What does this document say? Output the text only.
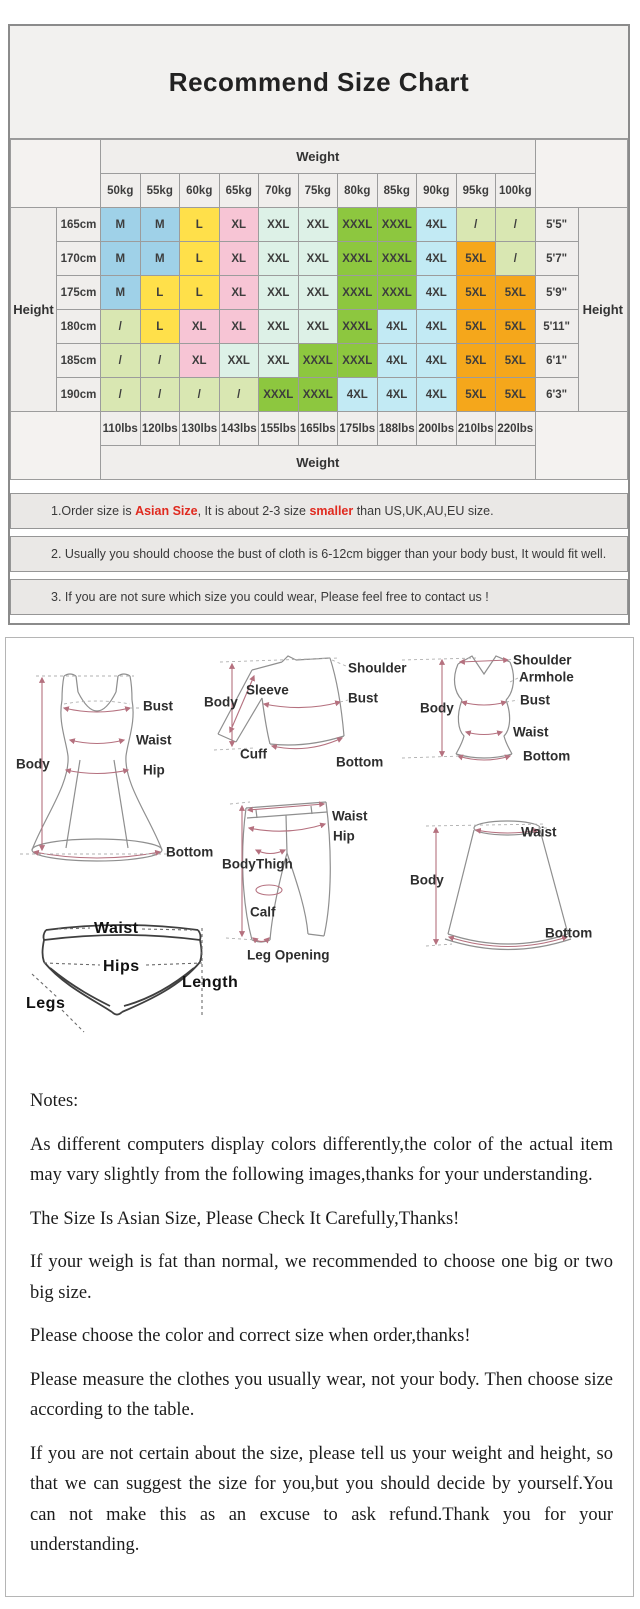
Recommend Size Chart
		Weight												
		50kg	55kg	60kg	65kg	70kg	75kg	80kg	85kg	90kg	95kg	100kg		
Height	165cm	M	M	L	XL	XXL	XXL	XXXL	XXXL	4XL	/	/	5'5"	Height
	170cm	M	M	L	XL	XXL	XXL	XXXL	XXXL	4XL	5XL	/	5'7"	
	175cm	M	L	L	XL	XXL	XXL	XXXL	XXXL	4XL	5XL	5XL	5'9"	
	180cm	/	L	XL	XL	XXL	XXL	XXXL	4XL	4XL	5XL	5XL	5'11"	
	185cm	/	/	XL	XXL	XXL	XXXL	XXXL	4XL	4XL	5XL	5XL	6'1"	
	190cm	/	/	/	/	XXXL	XXXL	4XL	4XL	4XL	5XL	5XL	6'3"	
		110lbs	120lbs	130lbs	143lbs	155lbs	165lbs	175lbs	188lbs	200lbs	210lbs	220lbs		
		Weight												
1.Order size is Asian Size, It is about 2-3 size smaller than US,UK,AU,EU size.
2. Usually you should choose the bust of cloth is 6-12cm bigger than your body bust, It would fit well.
3. If you are not sure which size you could wear, Please feel free to contact us !
Body
Bust
Waist
Hip
Bottom
Sleeve
Body
Cuff
Shoulder
Bust
Bottom
Shoulder
Armhole
Body
Bust
Waist
Bottom
Waist
Hip
Body Thigh
Calf
Leg Opening
Waist
Body
Bottom
Waist
Hips
Legs
Length

Notes:

As different computers display colors differently,the color of the actual item may vary slightly from the following images,thanks for your understanding.

The Size Is Asian Size, Please Check It Carefully,Thanks!

If your weigh is fat than normal, we recommended to choose one big or two big size.

Please choose the color and correct size when order,thanks!

Please measure the clothes you usually wear, not your body. Then choose size according to the table.

If you are not certain about the size, please tell us your weight and height, so that we can suggest the size for you,but you should decide by yourself.You can not make this as an excuse to ask refund.Thank you for your understanding.
